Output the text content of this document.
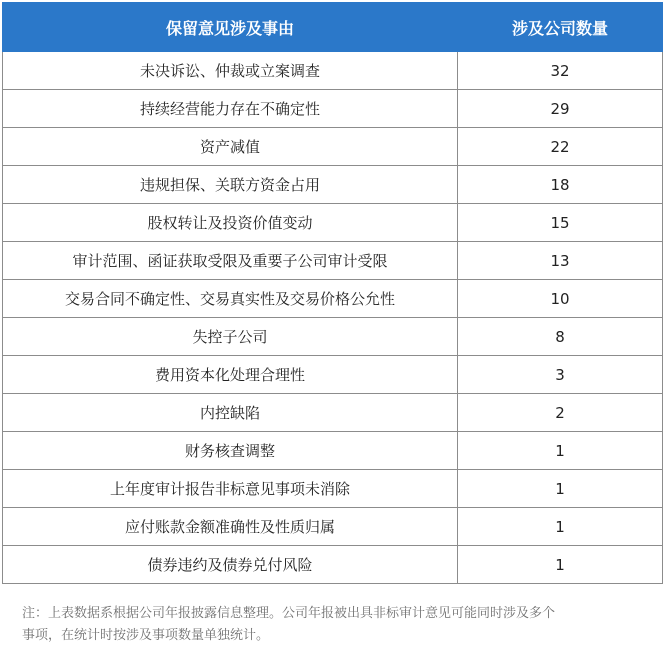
保留意见涉及事由	涉及公司数量
未决诉讼、仲裁或立案调查	32
持续经营能力存在不确定性	29
资产减值	22
违规担保、关联方资金占用	18
股权转让及投资价值变动	15
审计范围、函证获取受限及重要子公司审计受限	13
交易合同不确定性、交易真实性及交易价格公允性	10
失控子公司	8
费用资本化处理合理性	3
内控缺陷	2
财务核查调整	1
上年度审计报告非标意见事项未消除	1
应付账款金额准确性及性质归属	1
债券违约及债券兑付风险	1
注：上表数据系根据公司年报披露信息整理。公司年报被出具非标审计意见可能同时涉及多个
事项，在统计时按涉及事项数量单独统计。
